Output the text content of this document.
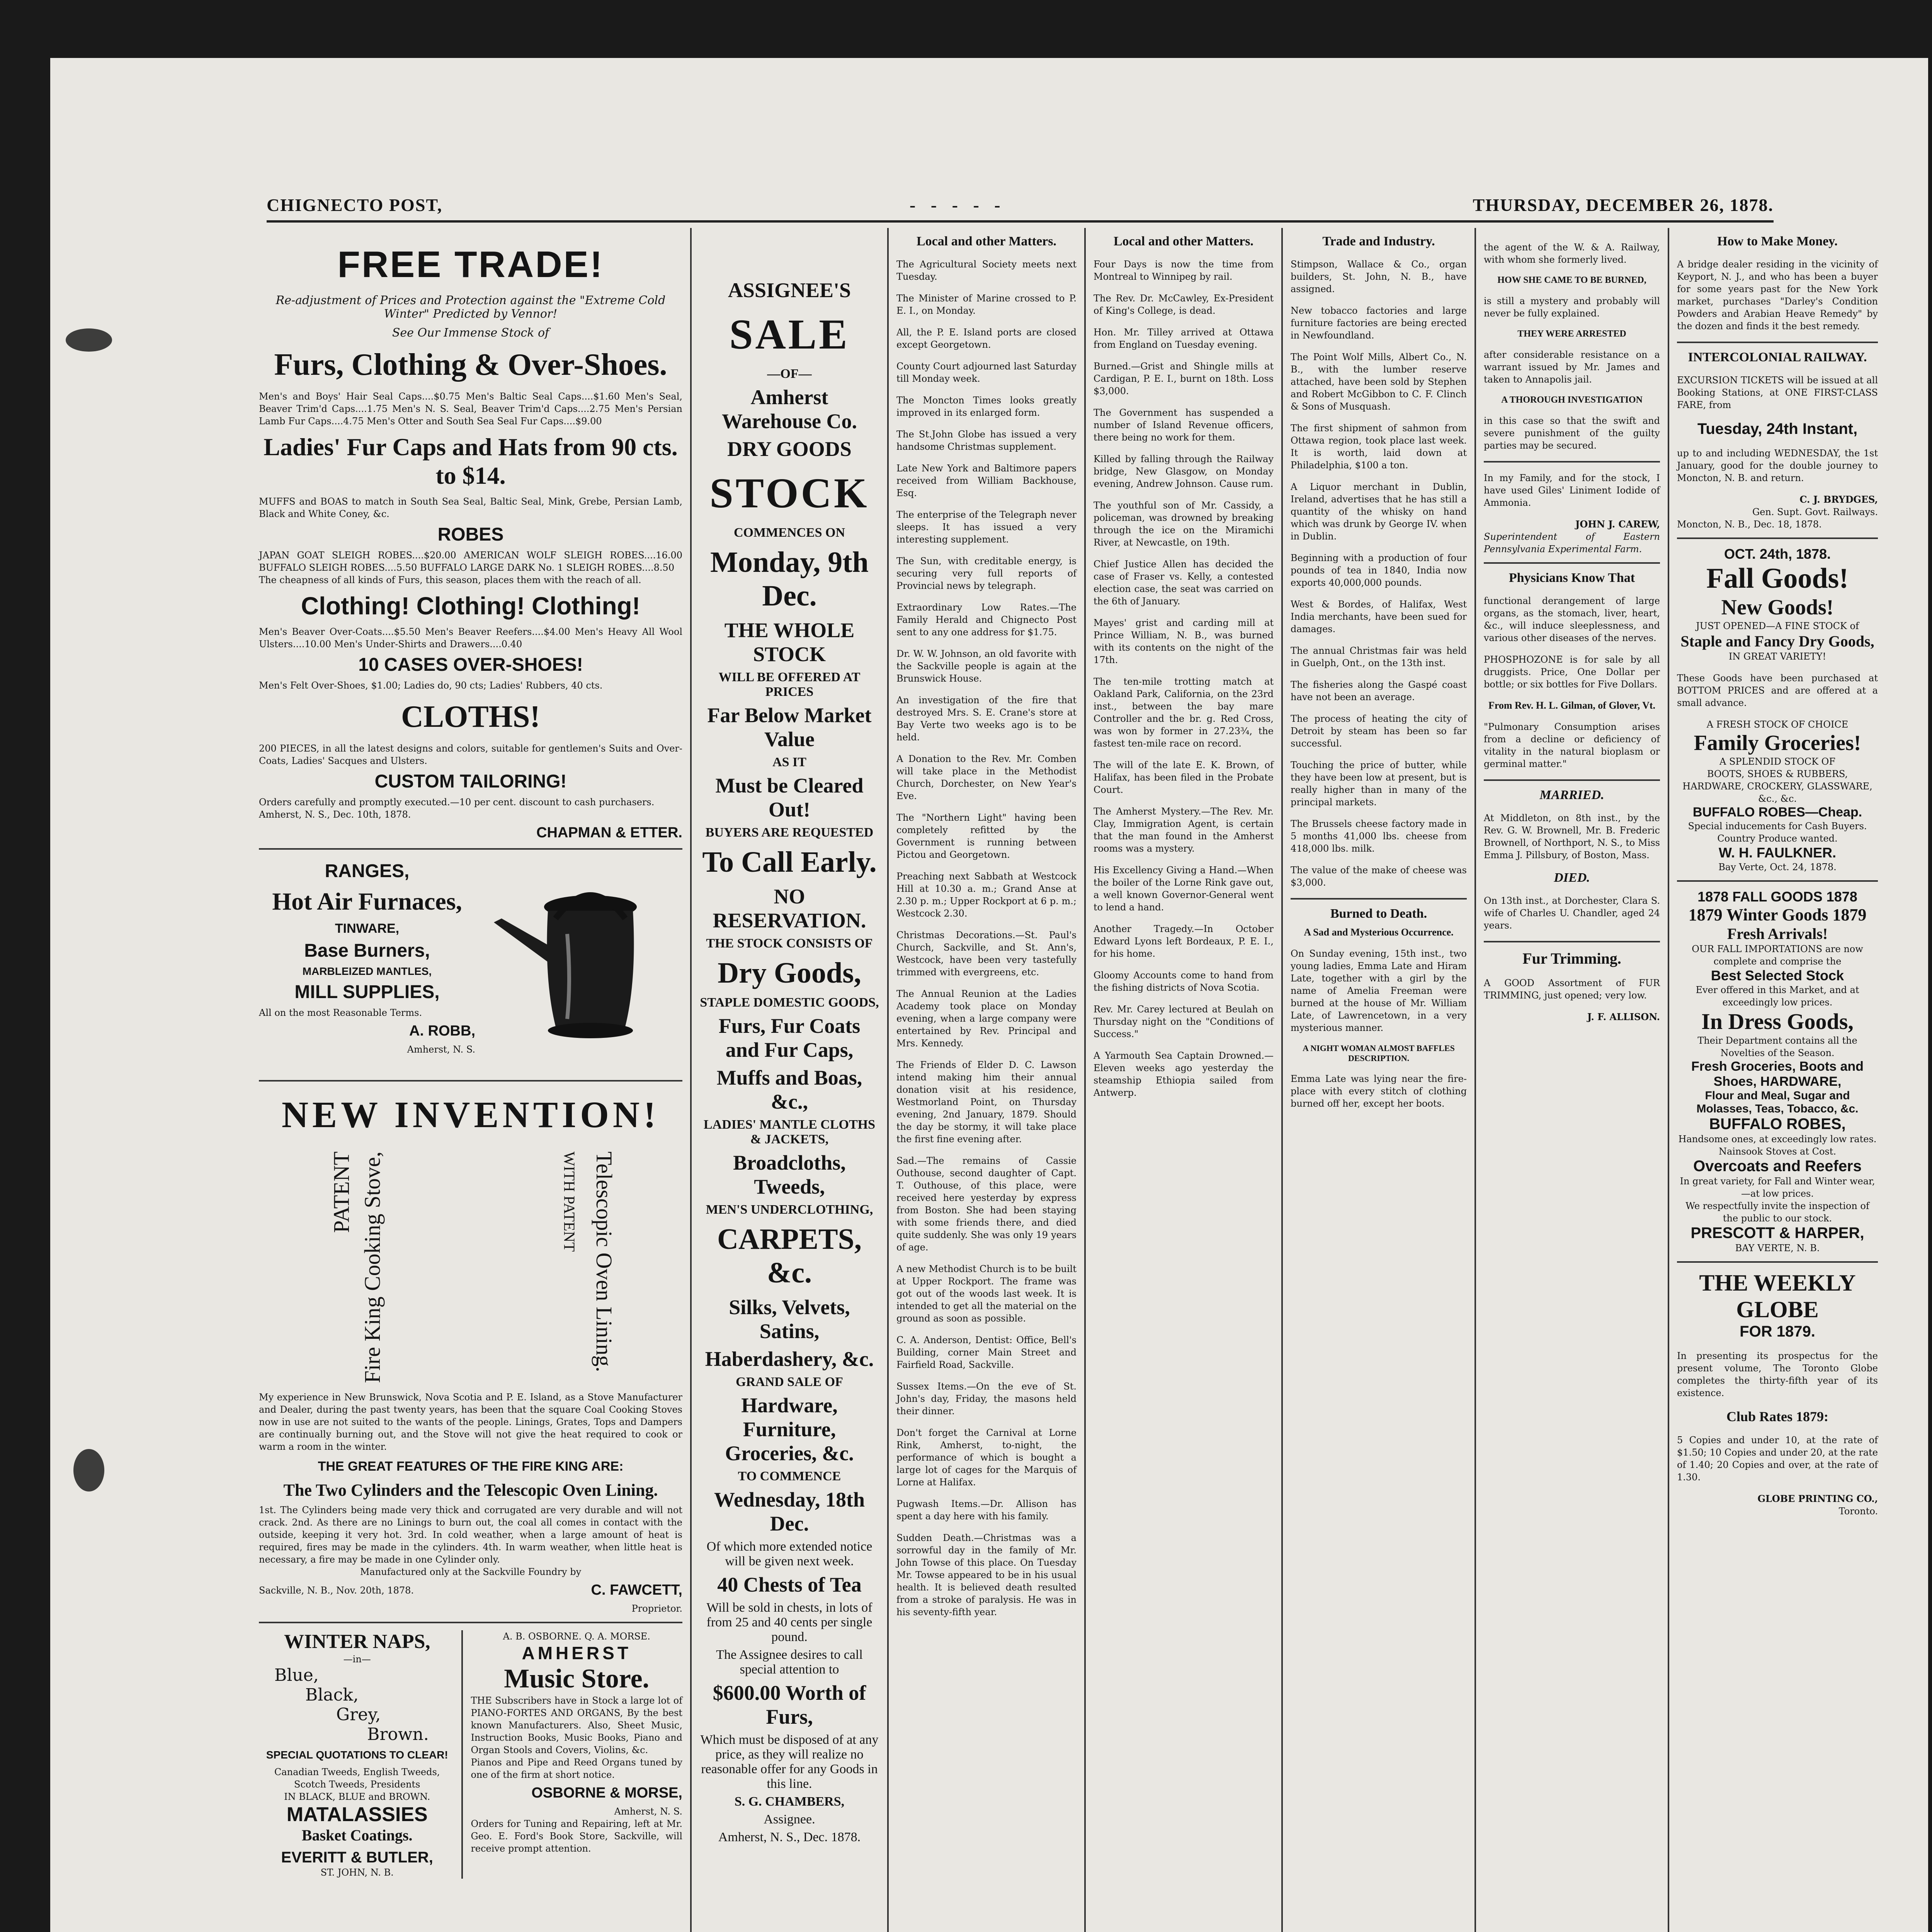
CHIGNECTO POST,	- - - - -	THURSDAY, DECEMBER 26, 1878.
FREE TRADE!
Re-adjustment of Prices and Protection against the "Extreme Cold Winter" Predicted by Vennor!
See Our Immense Stock of
Furs, Clothing & Over-Shoes.
Men's and Boys' Hair Seal Caps....$0.75 Men's Baltic Seal Caps....$1.60 Men's Seal, Beaver Trim'd Caps....1.75 Men's N. S. Seal, Beaver Trim'd Caps....2.75 Men's Persian Lamb Fur Caps....4.75 Men's Otter and South Sea Seal Fur Caps....$9.00
Ladies' Fur Caps and Hats from 90 cts. to $14.
MUFFS and BOAS to match in South Sea Seal, Baltic Seal, Mink, Grebe, Persian Lamb, Black and White Coney, &c.
ROBES
JAPAN GOAT SLEIGH ROBES....$20.00 AMERICAN WOLF SLEIGH ROBES....16.00 BUFFALO SLEIGH ROBES....5.50 BUFFALO LARGE DARK No. 1 SLEIGH ROBES....8.50
The cheapness of all kinds of Furs, this season, places them with the reach of all.
Clothing! Clothing! Clothing!
Men's Beaver Over-Coats....$5.50 Men's Beaver Reefers....$4.00 Men's Heavy All Wool Ulsters....10.00 Men's Under-Shirts and Drawers....0.40
10 CASES OVER-SHOES!
Men's Felt Over-Shoes, $1.00; Ladies do, 90 cts; Ladies' Rubbers, 40 cts.
CLOTHS!
200 PIECES, in all the latest designs and colors, suitable for gentlemen's Suits and Over-Coats, Ladies' Sacques and Ulsters.
CUSTOM TAILORING!
Orders carefully and promptly executed.—10 per cent. discount to cash purchasers.
Amherst, N. S., Dec. 10th, 1878.
CHAPMAN & ETTER.
RANGES,
Hot Air Furnaces,
TINWARE,
Base Burners,
MARBLEIZED MANTLES,
MILL SUPPLIES,
All on the most Reasonable Terms.
A. ROBB,
Amherst, N. S.
NEW INVENTION!
PATENT Fire King Cooking Stove,	WITH PATENT Telescopic Oven Lining.
My experience in New Brunswick, Nova Scotia and P. E. Island, as a Stove Manufacturer and Dealer, during the past twenty years, has been that the square Coal Cooking Stoves now in use are not suited to the wants of the people. Linings, Grates, Tops and Dampers are continually burning out, and the Stove will not give the heat required to cook or warm a room in the winter.
THE GREAT FEATURES OF THE FIRE KING ARE:
The Two Cylinders and the Telescopic Oven Lining.
1st. The Cylinders being made very thick and corrugated are very durable and will not crack. 2nd. As there are no Linings to burn out, the coal all comes in contact with the outside, keeping it very hot. 3rd. In cold weather, when a large amount of heat is required, fires may be made in the cylinders. 4th. In warm weather, when little heat is necessary, a fire may be made in one Cylinder only.
Manufactured only at the Sackville Foundry by
Sackville, N. B., Nov. 20th, 1878.	C. FAWCETT,
Proprietor.
WINTER NAPS,
—in—
Blue,
Black,
Grey,
Brown.
SPECIAL QUOTATIONS TO CLEAR!
Canadian Tweeds, English Tweeds, Scotch Tweeds, Presidents
IN BLACK, BLUE and BROWN.
MATALASSIES
Basket Coatings.
EVERITT & BUTLER,
ST. JOHN, N. B.
A. B. OSBORNE. Q. A. MORSE.
AMHERST
Music Store.
THE Subscribers have in Stock a large lot of PIANO-FORTES AND ORGANS, By the best known Manufacturers. Also, Sheet Music, Instruction Books, Music Books, Piano and Organ Stools and Covers, Violins, &c.
Pianos and Pipe and Reed Organs tuned by one of the firm at short notice.
OSBORNE & MORSE,
Amherst, N. S.
Orders for Tuning and Repairing, left at Mr. Geo. E. Ford's Book Store, Sackville, will receive prompt attention.
ASSIGNEE'S
SALE
—OF—
Amherst Warehouse Co.
DRY GOODS
STOCK
COMMENCES ON
Monday, 9th Dec.
THE WHOLE STOCK
WILL BE OFFERED AT PRICES
Far Below Market Value
AS IT
Must be Cleared Out!
BUYERS ARE REQUESTED
To Call Early.
NO RESERVATION.
THE STOCK CONSISTS OF
Dry Goods,
STAPLE DOMESTIC GOODS,
Furs, Fur Coats and Fur Caps,
Muffs and Boas, &c.,
LADIES' MANTLE CLOTHS & JACKETS,
Broadcloths, Tweeds,
MEN'S UNDERCLOTHING,
CARPETS, &c.
Silks, Velvets, Satins,
Haberdashery, &c.
GRAND SALE OF
Hardware, Furniture, Groceries, &c.
TO COMMENCE
Wednesday, 18th Dec.
Of which more extended notice will be given next week.
40 Chests of Tea
Will be sold in chests, in lots of from 25 and 40 cents per single pound.
The Assignee desires to call special attention to
$600.00 Worth of Furs,
Which must be disposed of at any price, as they will realize no reasonable offer for any Goods in this line.
S. G. CHAMBERS,
Assignee.
Amherst, N. S., Dec. 1878.
Local and other Matters.

The Agricultural Society meets next Tuesday.

The Minister of Marine crossed to P. E. I., on Monday.

All, the P. E. Island ports are closed except Georgetown.

County Court adjourned last Saturday till Monday week.

The Moncton Times looks greatly improved in its enlarged form.

The St.John Globe has issued a very handsome Christmas supplement.

Late New York and Baltimore papers received from William Backhouse, Esq.

The enterprise of the Telegraph never sleeps. It has issued a very interesting supplement.

The Sun, with creditable energy, is securing very full reports of Provincial news by telegraph.

Extraordinary Low Rates.—The Family Herald and Chignecto Post sent to any one address for $1.75.

Dr. W. W. Johnson, an old favorite with the Sackville people is again at the Brunswick House.

An investigation of the fire that destroyed Mrs. S. E. Crane's store at Bay Verte two weeks ago is to be held.

A Donation to the Rev. Mr. Comben will take place in the Methodist Church, Dorchester, on New Year's Eve.

The "Northern Light" having been completely refitted by the Government is running between Pictou and Georgetown.

Preaching next Sabbath at Westcock Hill at 10.30 a. m.; Grand Anse at 2.30 p. m.; Upper Rockport at 6 p. m.; Westcock 2.30.

Christmas Decorations.—St. Paul's Church, Sackville, and St. Ann's, Westcock, have been very tastefully trimmed with evergreens, etc.

The Annual Reunion at the Ladies Academy took place on Monday evening, when a large company were entertained by Rev. Principal and Mrs. Kennedy.

The Friends of Elder D. C. Lawson intend making him their annual donation visit at his residence, Westmorland Point, on Thursday evening, 2nd January, 1879. Should the day be stormy, it will take place the first fine evening after.

Sad.—The remains of Cassie Outhouse, second daughter of Capt. T. Outhouse, of this place, were received here yesterday by express from Boston. She had been staying with some friends there, and died quite suddenly. She was only 19 years of age.

A new Methodist Church is to be built at Upper Rockport. The frame was got out of the woods last week. It is intended to get all the material on the ground as soon as possible.

C. A. Anderson, Dentist: Office, Bell's Building, corner Main Street and Fairfield Road, Sackville.

Sussex Items.—On the eve of St. John's day, Friday, the masons held their dinner.

Don't forget the Carnival at Lorne Rink, Amherst, to-night, the performance of which is bought a large lot of cages for the Marquis of Lorne at Halifax.

Pugwash Items.—Dr. Allison has spent a day here with his family.

Sudden Death.—Christmas was a sorrowful day in the family of Mr. John Towse of this place. On Tuesday Mr. Towse appeared to be in his usual health. It is believed death resulted from a stroke of paralysis. He was in his seventy-fifth year.

Local and other Matters.

Four Days is now the time from Montreal to Winnipeg by rail.

The Rev. Dr. McCawley, Ex-President of King's College, is dead.

Hon. Mr. Tilley arrived at Ottawa from England on Tuesday evening.

Burned.—Grist and Shingle mills at Cardigan, P. E. I., burnt on 18th. Loss $3,000.

The Government has suspended a number of Island Revenue officers, there being no work for them.

Killed by falling through the Railway bridge, New Glasgow, on Monday evening, Andrew Johnson. Cause rum.

The youthful son of Mr. Cassidy, a policeman, was drowned by breaking through the ice on the Miramichi River, at Newcastle, on 19th.

Chief Justice Allen has decided the case of Fraser vs. Kelly, a contested election case, the seat was carried on the 6th of January.

Mayes' grist and carding mill at Prince William, N. B., was burned with its contents on the night of the 17th.

The ten-mile trotting match at Oakland Park, California, on the 23rd inst., between the bay mare Controller and the br. g. Red Cross, was won by former in 27.23¾, the fastest ten-mile race on record.

The will of the late E. K. Brown, of Halifax, has been filed in the Probate Court.

The Amherst Mystery.—The Rev. Mr. Clay, Immigration Agent, is certain that the man found in the Amherst rooms was a mystery.

His Excellency Giving a Hand.—When the boiler of the Lorne Rink gave out, a well known Governor-General went to lend a hand.

Another Tragedy.—In October Edward Lyons left Bordeaux, P. E. I., for his home.

Gloomy Accounts come to hand from the fishing districts of Nova Scotia.

Rev. Mr. Carey lectured at Beulah on Thursday night on the "Conditions of Success."

A Yarmouth Sea Captain Drowned.—Eleven weeks ago yesterday the steamship Ethiopia sailed from Antwerp.

Trade and Industry.

Stimpson, Wallace & Co., organ builders, St. John, N. B., have assigned.

New tobacco factories and large furniture factories are being erected in Newfoundland.

The Point Wolf Mills, Albert Co., N. B., with the lumber reserve attached, have been sold by Stephen and Robert McGibbon to C. F. Clinch & Sons of Musquash.

The first shipment of sahmon from Ottawa region, took place last week. It is worth, laid down at Philadelphia, $100 a ton.

A Liquor merchant in Dublin, Ireland, advertises that he has still a quantity of the whisky on hand which was drunk by George IV. when in Dublin.

Beginning with a production of four pounds of tea in 1840, India now exports 40,000,000 pounds.

West & Bordes, of Halifax, West India merchants, have been sued for damages.

The annual Christmas fair was held in Guelph, Ont., on the 13th inst.

The fisheries along the Gaspé coast have not been an average.

The process of heating the city of Detroit by steam has been so far successful.

Touching the price of butter, while they have been low at present, but is really higher than in many of the principal markets.

The Brussels cheese factory made in 5 months 41,000 lbs. cheese from 418,000 lbs. milk.

The value of the make of cheese was $3,000.

Burned to Death.
A Sad and Mysterious Occurrence.

On Sunday evening, 15th inst., two young ladies, Emma Late and Hiram Late, together with a girl by the name of Amelia Freeman were burned at the house of Mr. William Late, of Lawrencetown, in a very mysterious manner.

A NIGHT WOMAN ALMOST BAFFLES DESCRIPTION.

Emma Late was lying near the fire-place with every stitch of clothing burned off her, except her boots.

the agent of the W. & A. Railway, with whom she formerly lived.

HOW SHE CAME TO BE BURNED,

is still a mystery and probably will never be fully explained.

THEY WERE ARRESTED

after considerable resistance on a warrant issued by Mr. James and taken to Annapolis jail.

A THOROUGH INVESTIGATION

in this case so that the swift and severe punishment of the guilty parties may be secured.

In my Family, and for the stock, I have used Giles' Liniment Iodide of Ammonia.

JOHN J. CAREW,
Superintendent of Eastern Pennsylvania Experimental Farm.
Physicians Know That

functional derangement of large organs, as the stomach, liver, heart, &c., will induce sleeplessness, and various other diseases of the nerves.

PHOSPHOZONE is for sale by all druggists. Price, One Dollar per bottle; or six bottles for Five Dollars.

From Rev. H. L. Gilman, of Glover, Vt.

"Pulmonary Consumption arises from a decline or deficiency of vitality in the natural bioplasm or germinal matter."

MARRIED.

At Middleton, on 8th inst., by the Rev. G. W. Brownell, Mr. B. Frederic Brownell, of Northport, N. S., to Miss Emma J. Pillsbury, of Boston, Mass.

DIED.

On 13th inst., at Dorchester, Clara S. wife of Charles U. Chandler, aged 24 years.

Fur Trimming.

A GOOD Assortment of FUR TRIMMING, just opened; very low.

J. F. ALLISON.
How to Make Money.

A bridge dealer residing in the vicinity of Keyport, N. J., and who has been a buyer for some years past for the New York market, purchases "Darley's Condition Powders and Arabian Heave Remedy" by the dozen and finds it the best remedy.

INTERCOLONIAL RAILWAY.

EXCURSION TICKETS will be issued at all Booking Stations, at ONE FIRST-CLASS FARE, from

Tuesday, 24th Instant,

up to and including WEDNESDAY, the 1st January, good for the double journey to Moncton, N. B. and return.

C. J. BRYDGES,
Gen. Supt. Govt. Railways.
Moncton, N. B., Dec. 18, 1878.
OCT. 24th, 1878.
Fall Goods!
New Goods!
JUST OPENED—A FINE STOCK of
Staple and Fancy Dry Goods,
IN GREAT VARIETY!

These Goods have been purchased at BOTTOM PRICES and are offered at a small advance.

A FRESH STOCK OF CHOICE
Family Groceries!
A SPLENDID STOCK OF
BOOTS, SHOES & RUBBERS, HARDWARE, CROCKERY, GLASSWARE, &c., &c.
BUFFALO ROBES—Cheap.
Special inducements for Cash Buyers. Country Produce wanted.
W. H. FAULKNER.
Bay Verte, Oct. 24, 1878.
1878 FALL GOODS 1878
1879 Winter Goods 1879
Fresh Arrivals!
OUR FALL IMPORTATIONS are now complete and comprise the
Best Selected Stock
Ever offered in this Market, and at exceedingly low prices.
In Dress Goods,
Their Department contains all the Novelties of the Season.
Fresh Groceries, Boots and Shoes, HARDWARE,
Flour and Meal, Sugar and Molasses, Teas, Tobacco, &c.
BUFFALO ROBES,
Handsome ones, at exceedingly low rates. Nainsook Stoves at Cost.
Overcoats and Reefers
In great variety, for Fall and Winter wear,—at low prices.
We respectfully invite the inspection of the public to our stock.
PRESCOTT & HARPER,
BAY VERTE, N. B.
THE WEEKLY GLOBE
FOR 1879.

In presenting its prospectus for the present volume, The Toronto Globe completes the thirty-fifth year of its existence.

Club Rates 1879:

5 Copies and under 10, at the rate of $1.50; 10 Copies and under 20, at the rate of 1.40; 20 Copies and over, at the rate of 1.30.

GLOBE PRINTING CO.,
Toronto.
